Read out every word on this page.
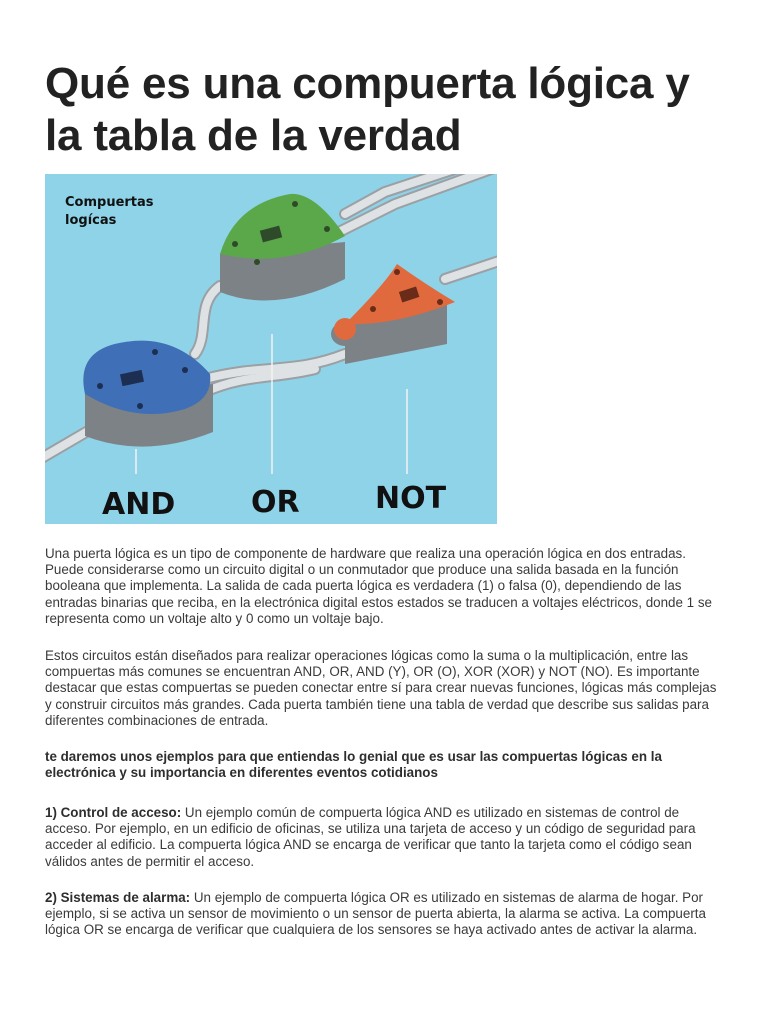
Qué es una compuerta lógica y la tabla de la verdad
Compuertas
logícas
AND	OR	NOT

Una puerta lógica es un tipo de componente de hardware que realiza una operación lógica en dos entradas. Puede considerarse como un circuito digital o un conmutador que produce una salida basada en la función booleana que implementa. La salida de cada puerta lógica es verdadera (1) o falsa (0), dependiendo de las entradas binarias que reciba, en la electrónica digital estos estados se traducen a voltajes eléctricos, donde 1 se representa como un voltaje alto y 0 como un voltaje bajo.

Estos circuitos están diseñados para realizar operaciones lógicas como la suma o la multiplicación, entre las compuertas más comunes se encuentran AND, OR, AND (Y), OR (O), XOR (XOR) y NOT (NO). Es importante destacar que estas compuertas se pueden conectar entre sí para crear nuevas funciones, lógicas más complejas y construir circuitos más grandes. Cada puerta también tiene una tabla de verdad que describe sus salidas para diferentes combinaciones de entrada.

te daremos unos ejemplos para que entiendas lo genial que es usar las compuertas lógicas en la electrónica y su importancia en diferentes eventos cotidianos

1) Control de acceso: Un ejemplo común de compuerta lógica AND es utilizado en sistemas de control de acceso. Por ejemplo, en un edificio de oficinas, se utiliza una tarjeta de acceso y un código de seguridad para acceder al edificio. La compuerta lógica AND se encarga de verificar que tanto la tarjeta como el código sean válidos antes de permitir el acceso.

2) Sistemas de alarma: Un ejemplo de compuerta lógica OR es utilizado en sistemas de alarma de hogar. Por ejemplo, si se activa un sensor de movimiento o un sensor de puerta abierta, la alarma se activa. La compuerta lógica OR se encarga de verificar que cualquiera de los sensores se haya activado antes de activar la alarma.
